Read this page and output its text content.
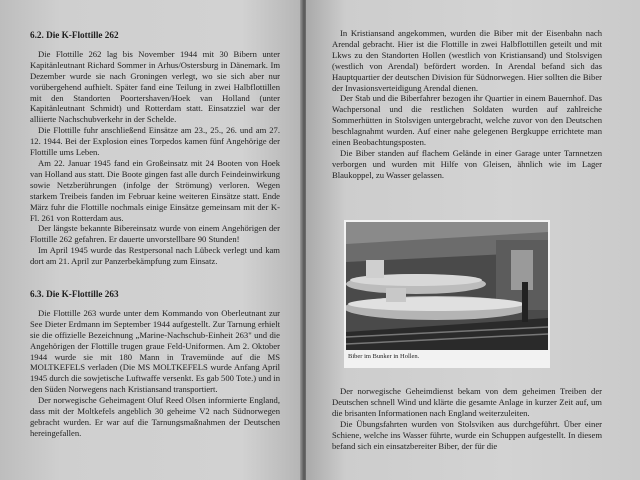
6.2. Die K-Flottille 262

Die Flottille 262 lag bis November 1944 mit 30 Bibern unter Kapitänleutnant Richard Sommer in Arhus/Ostersburg in Dänemark. Im Dezember wurde sie nach Groningen verlegt, wo sie sich aber nur vorübergehend aufhielt. Später fand eine Teilung in zwei Halbflottillen mit den Standorten Poortershaven/Hoek van Holland (unter Kapitänleutnant Schmidt) und Rotterdam statt. Einsatzziel war der alliierte Nachschubverkehr in der Schelde.

Die Flottille fuhr anschließend Einsätze am 23., 25., 26. und am 27. 12. 1944. Bei der Explosion eines Torpedos kamen fünf Angehörige der Flottille ums Leben.

Am 22. Januar 1945 fand ein Großeinsatz mit 24 Booten von Hoek van Holland aus statt. Die Boote gingen fast alle durch Feindeinwirkung sowie Netzberührungen (infolge der Strömung) verloren. Wegen starkem Treibeis fanden im Februar keine weiteren Einsätze statt. Ende März fuhr die Flottille nochmals einige Einsätze gemeinsam mit der K-Fl. 261 von Rotterdam aus.

Der längste bekannte Bibereinsatz wurde von einem Angehörigen der Flottille 262 gefahren. Er dauerte unvorstellbare 90 Stunden!

Im April 1945 wurde das Restpersonal nach Lübeck verlegt und kam dort am 21. April zur Panzerbekämpfung zum Einsatz.

6.3. Die K-Flottille 263

Die Flottille 263 wurde unter dem Kommando von Oberleutnant zur See Dieter Erdmann im September 1944 aufgestellt. Zur Tarnung erhielt sie die offizielle Bezeichnung „Marine-Nachschub-Einheit 263" und die Angehörigen der Flottille trugen graue Feld-Uniformen. Am 2. Oktober 1944 wurde sie mit 180 Mann in Travemünde auf die MS MOLTKEFELS verladen (Die MS MOLTKEFELS wurde Anfang April 1945 durch die sowjetische Luftwaffe versenkt. Es gab 500 Tote.) und in den Süden Norwegens nach Kristiansand transportiert.

Der norwegische Geheimagent Oluf Reed Olsen informierte England, dass mit der Moltkefels angeblich 30 geheime V2 nach Südnorwegen gebracht wurden. Er war auf die Tarnungsmaßnahmen der Deutschen hereingefallen.

In Kristiansand angekommen, wurden die Biber mit der Eisenbahn nach Arendal gebracht. Hier ist die Flottille in zwei Halbflottillen geteilt und mit Lkws zu den Standorten Hollen (westlich von Kristiansand) und Stolsvigen (westlich von Arendal) befördert worden. In Arendal befand sich das Hauptquartier der deutschen Division für Südnorwegen. Hier sollten die Biber der Invasionsverteidigung Arendal dienen.

Der Stab und die Biberfahrer bezogen ihr Quartier in einem Bauernhof. Das Wachpersonal und die restlichen Soldaten wurden auf zahlreiche Sommerhütten in Stolsvigen untergebracht, welche zuvor von den Deutschen beschlagnahmt wurden. Auf einer nahe gelegenen Bergkuppe errichtete man einen Beobachtungsposten.

Die Biber standen auf flachem Gelände in einer Garage unter Tarnnetzen verborgen und wurden mit Hilfe von Gleisen, ähnlich wie im Lager Blaukoppel, zu Wasser gelassen.

Biber im Bunker in Hollen.

Der norwegische Geheimdienst bekam von dem geheimen Treiben der Deutschen schnell Wind und klärte die gesamte Anlage in kurzer Zeit auf, um die brisanten Informationen nach England weiterzuleiten.

Die Übungsfahrten wurden von Stolsviken aus durchgeführt. Über einer Schiene, welche ins Wasser führte, wurde ein Schuppen aufgestellt. In diesem befand sich ein einsatzbereiter Biber, der für die
